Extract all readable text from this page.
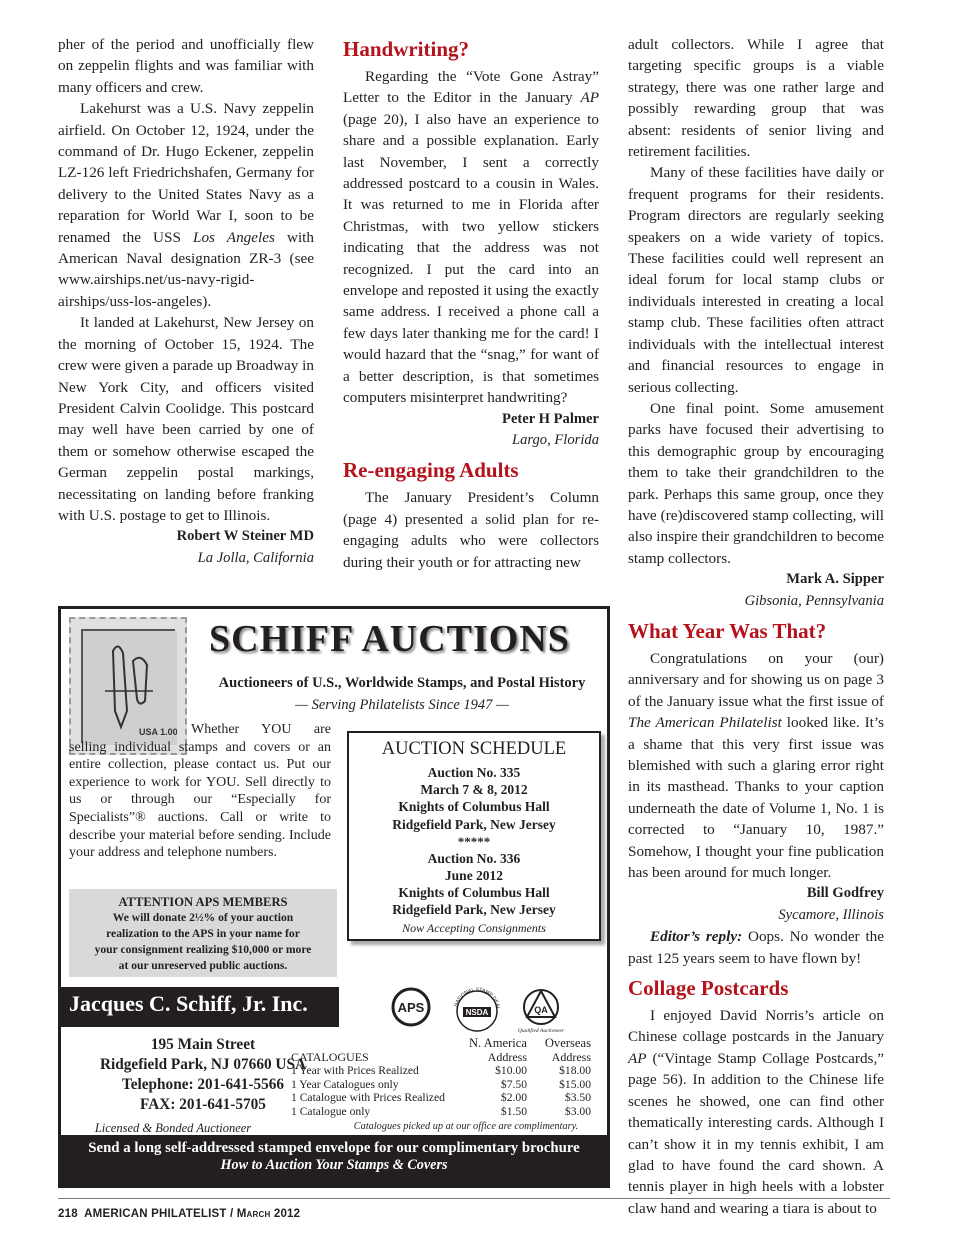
pher of the period and unofficially flew on zeppelin flights and was familiar with many officers and crew.

Lakehurst was a U.S. Navy zeppelin airfield. On October 12, 1924, under the command of Dr. Hugo Eckener, zeppelin LZ-126 left Friedrichshafen, Germany for delivery to the United States Navy as a reparation for World War I, soon to be renamed the USS Los Angeles with American Naval designation ZR-3 (see www.airships.net/us-navy-rigid-airships/uss-los-angeles).

It landed at Lakehurst, New Jersey on the morning of October 15, 1924. The crew were given a parade up Broadway in New York City, and officers visited President Calvin Coolidge. This postcard may well have been carried by one of them or somehow otherwise escaped the German zeppelin postal markings, necessitating on landing before franking with U.S. postage to get to Illinois.

Robert W Steiner MD

La Jolla, California

Handwriting?

Regarding the “Vote Gone Astray” Letter to the Editor in the January AP (page 20), I also have an experience to share and a possible explanation. Early last November, I sent a correctly addressed postcard to a cousin in Wales. It was returned to me in Florida after Christmas, with two yellow stickers indicating that the address was not recognized. I put the card into an envelope and reposted it using the exactly same address. I received a phone call a few days later thanking me for the card! I would hazard that the “snag,” for want of a better description, is that sometimes computers misinterpret handwriting?

Peter H Palmer

Largo, Florida

Re-engaging Adults

The January President’s Column (page 4) presented a solid plan for re-engaging adults who were collectors during their youth or for attracting new

adult collectors. While I agree that targeting specific groups is a viable strategy, there was one rather large and possibly rewarding group that was absent: residents of senior living and retirement facilities.

Many of these facilities have daily or frequent programs for their residents. Program directors are regularly seeking speakers on a wide variety of topics. These facilities could well represent an ideal forum for local stamp clubs or individuals interested in creating a local stamp club. These facilities often attract individuals with the intellectual interest and financial resources to engage in serious collecting.

One final point. Some amusement parks have focused their advertising to this demographic group by encouraging them to take their grandchildren to the park. Perhaps this same group, once they have (re)discovered stamp collecting, will also inspire their grandchildren to become stamp collectors.

Mark A. Sipper

Gibsonia, Pennsylvania

What Year Was That?

Congratulations on your (our) anniversary and for showing us on page 3 of the January issue what the first issue of The American Philatelist looked like. It’s a shame that this very first issue was blemished with such a glaring error right in its masthead. Thanks to your caption underneath the date of Volume 1, No. 1 is corrected to “January 10, 1987.” Somehow, I thought your fine publication has been around for much longer.

Bill Godfrey

Sycamore, Illinois

Editor’s reply: Oops. No wonder the past 125 years seem to have flown by!

Collage Postcards

I enjoyed David Norris’s article on Chinese collage postcards in the January AP (“Vintage Stamp Collage Postcards,” page 56). In addition to the Chinese life scenes he showed, one can find other thematically interesting cards. Although I can’t show it in my tennis exhibit, I am glad to have found the card shown. A tennis player in high heels with a lobster claw hand and wearing a tiara is about to

USA 1.00
SCHIFF AUCTIONS
Auctioneers of U.S., Worldwide Stamps, and Postal History
— Serving Philatelists Since 1947 —
Whether YOU are selling individual stamps and covers or an entire collection, please contact us. Put our experience to work for YOU. Sell directly to us or through our “Especially for Specialists”® auctions. Call or write to describe your material before sending. Include your address and telephone numbers.
AUCTION SCHEDULE
Auction No. 335
March 7 & 8, 2012
Knights of Columbus Hall
Ridgefield Park, New Jersey
*****
Auction No. 336
June 2012
Knights of Columbus Hall
Ridgefield Park, New Jersey
Now Accepting Consignments
ATTENTION APS MEMBERS
We will donate 2½% of your auction
realization to the APS in your name for
your consignment realizing $10,000 or more
at our unreserved public auctions.
Jacques C. Schiff, Jr. Inc.
195 Main Street
Ridgefield Park, NJ 07660 USA
Telephone: 201-641-5566
FAX: 201-641-5705
Licensed & Bonded Auctioneer
APS	NATIONAL STAMP DEAL
NSDA	QA
Qualified Auctioneer
N. America	Overseas
CATALOGUES	Address	Address
1 Year with Prices Realized	$10.00	$18.00
1 Year Catalogues only	$7.50	$15.00
1 Catalogue with Prices Realized	$2.00	$3.50
1 Catalogue only	$1.50	$3.00
Catalogues picked up at our office are complimentary.
Send a long self-addressed stamped envelope for our complimentary brochure
How to Auction Your Stamps & Covers
218 AMERICAN PHILATELIST / March 2012
